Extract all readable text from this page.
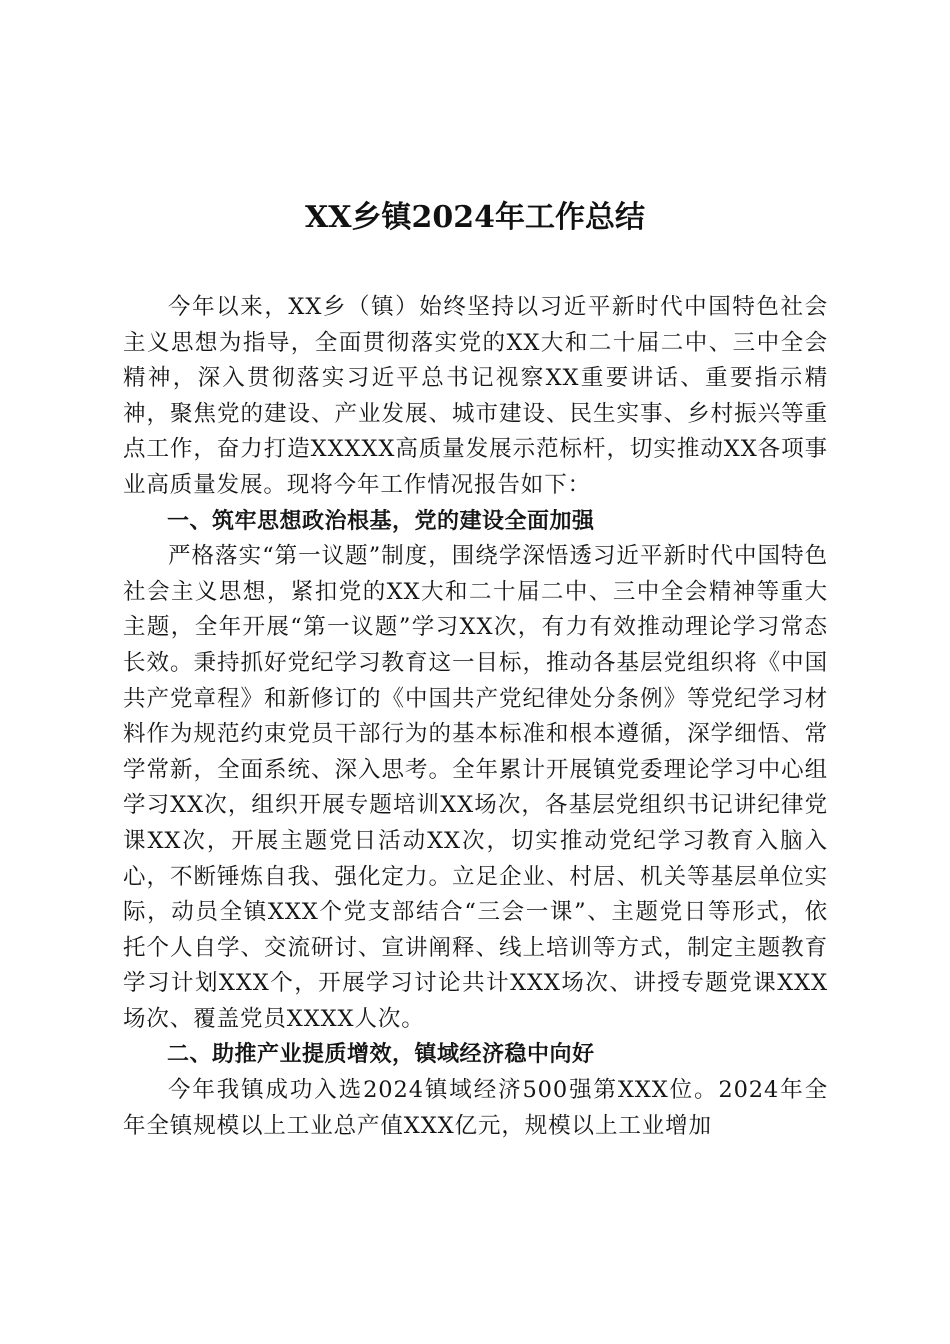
XX乡镇2024年工作总结

今年以来，XX乡（镇）始终坚持以习近平新时代中国特色社会主义思想为指导，全面贯彻落实党的XX大和二十届二中、三中全会精神，深入贯彻落实习近平总书记视察XX重要讲话、重要指示精神，聚焦党的建设、产业发展、城市建设、民生实事、乡村振兴等重点工作，奋力打造XXXXX高质量发展示范标杆，切实推动XX各项事业高质量发展。现将今年工作情况报告如下：

一、筑牢思想政治根基，党的建设全面加强

严格落实“第一议题”制度，围绕学深悟透习近平新时代中国特色社会主义思想，紧扣党的XX大和二十届二中、三中全会精神等重大主题，全年开展“第一议题”学习XX次，有力有效推动理论学习常态长效。秉持抓好党纪学习教育这一目标，推动各基层党组织将《中国共产党章程》和新修订的《中国共产党纪律处分条例》等党纪学习材料作为规范约束党员干部行为的基本标准和根本遵循，深学细悟、常学常新，全面系统、深入思考。全年累计开展镇党委理论学习中心组学习XX次，组织开展专题培训XX场次，各基层党组织书记讲纪律党课XX次，开展主题党日活动XX次，切实推动党纪学习教育入脑入心，不断锤炼自我、强化定力。立足企业、村居、机关等基层单位实际，动员全镇XXX个党支部结合“三会一课”、主题党日等形式，依托个人自学、交流研讨、宣讲阐释、线上培训等方式，制定主题教育学习计划XXX个，开展学习讨论共计XXX场次、讲授专题党课XXX场次、覆盖党员XXXX人次。

二、助推产业提质增效，镇域经济稳中向好

今年我镇成功入选2024镇域经济500强第XXX位。2024年全年全镇规模以上工业总产值XXX亿元，规模以上工业增加
